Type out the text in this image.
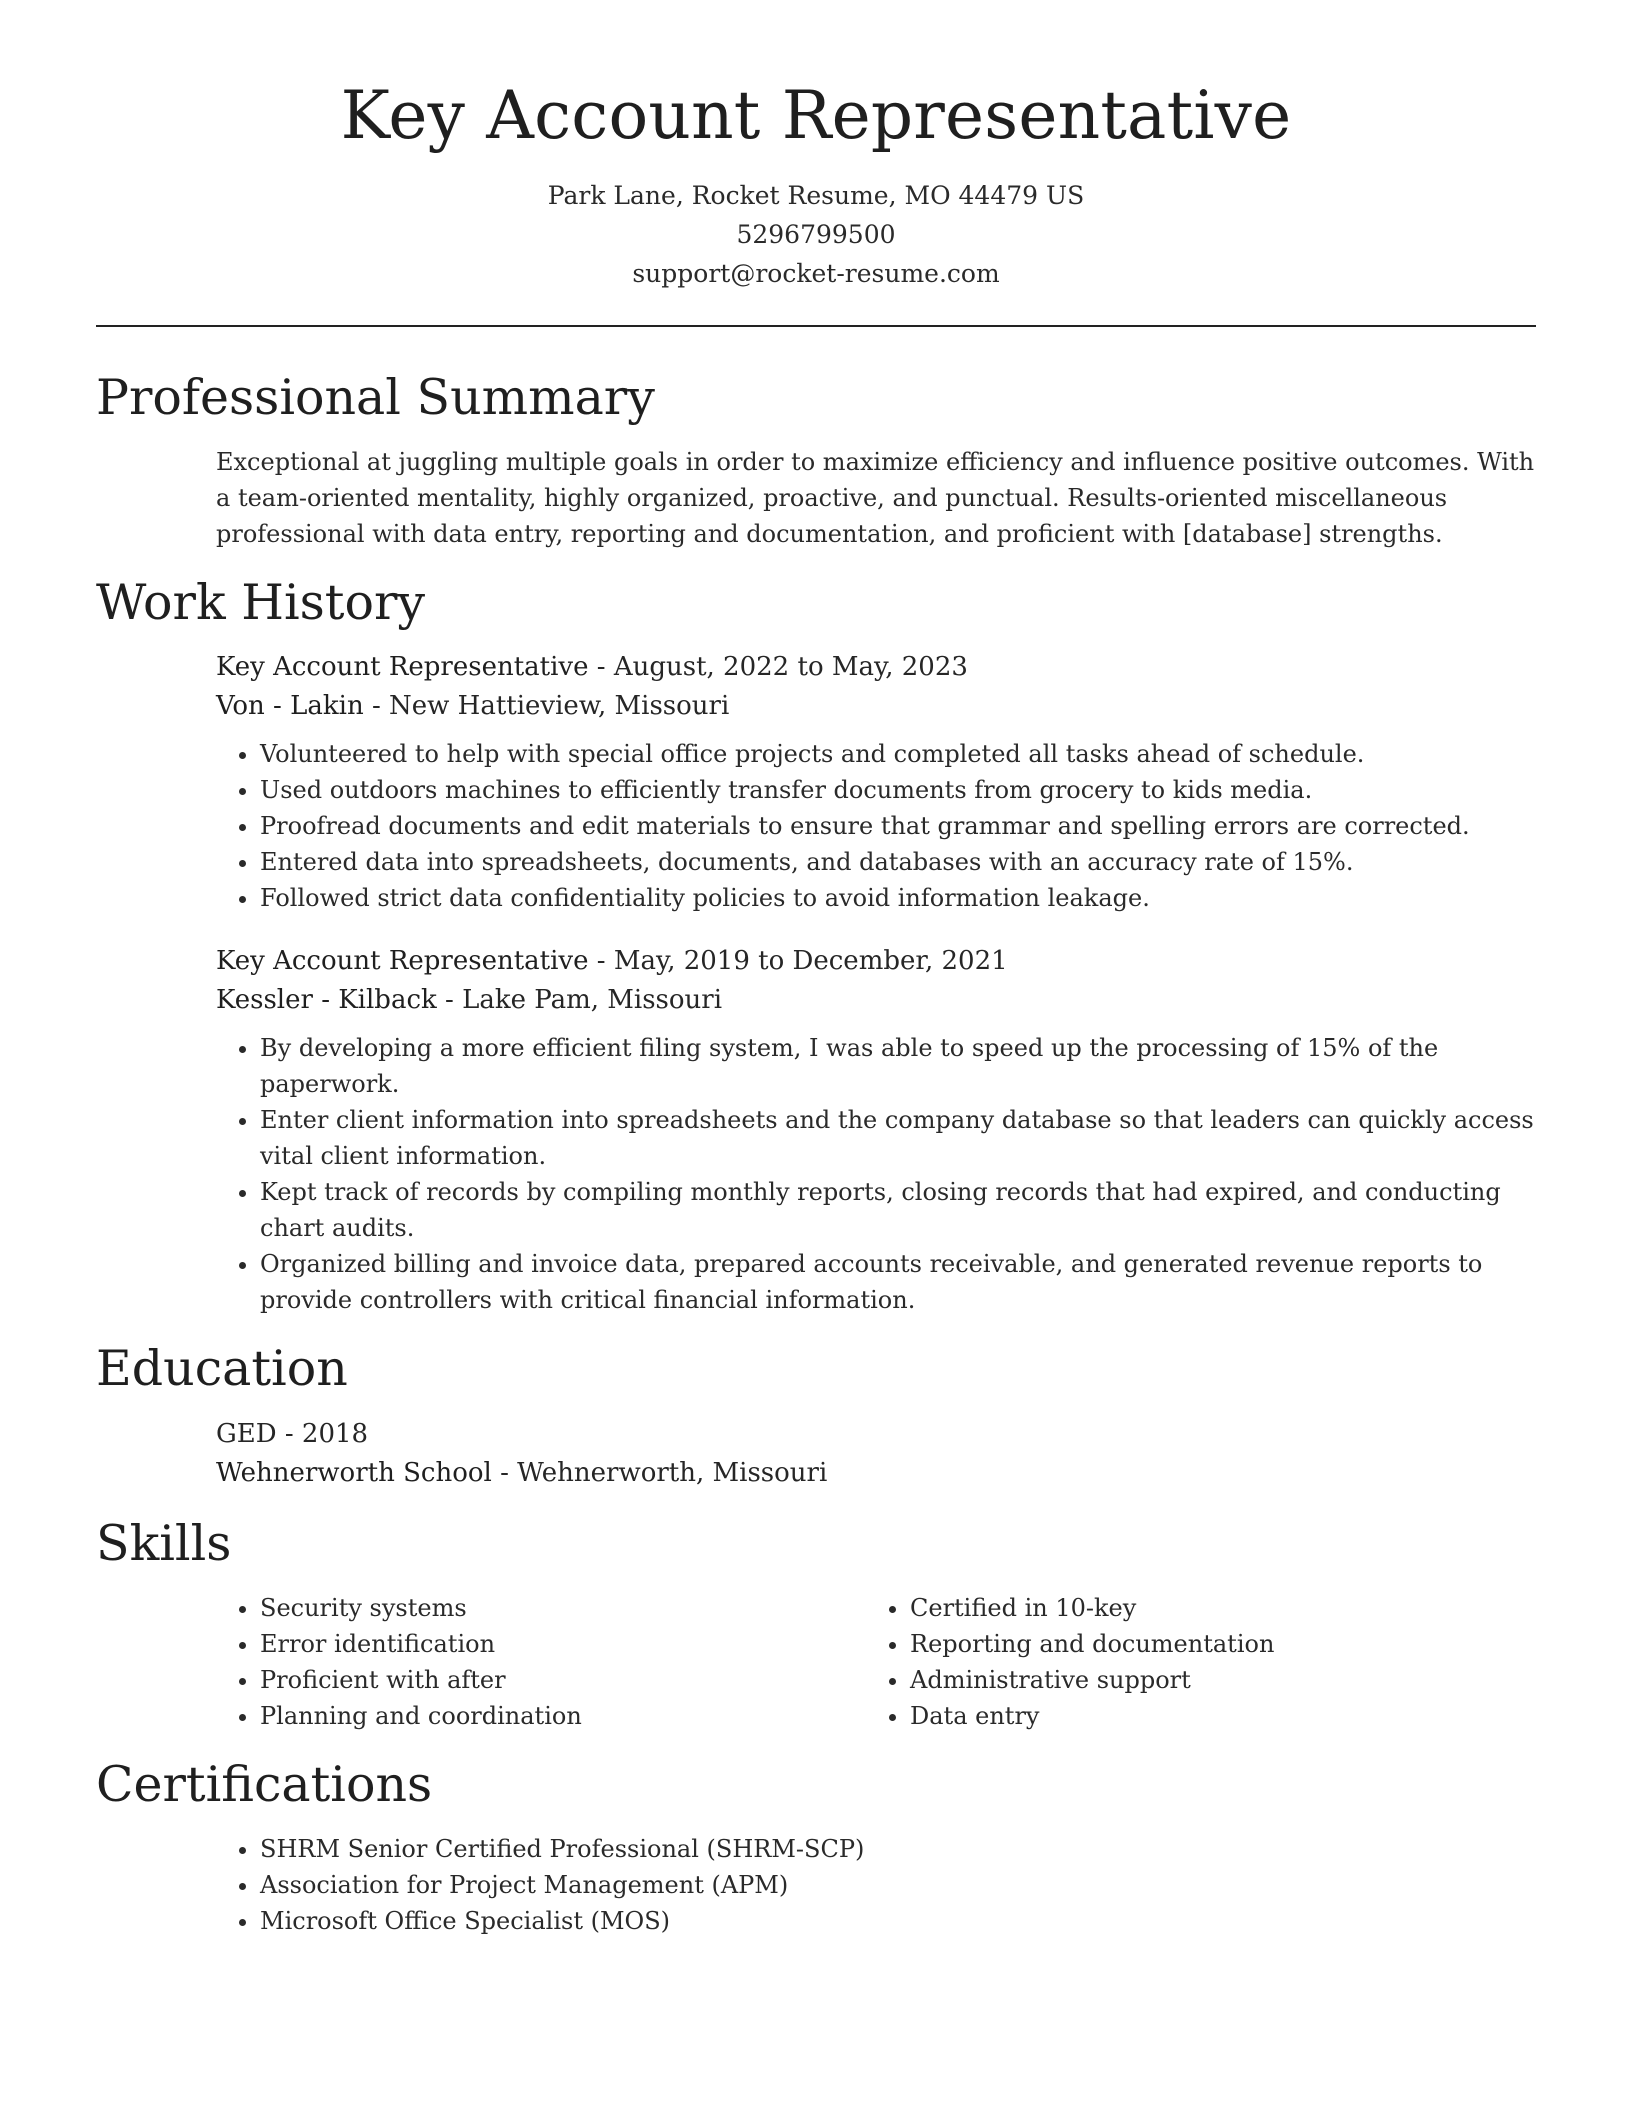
Key Account Representative
Park Lane, Rocket Resume, MO 44479 US
5296799500
support@rocket-resume.com
Professional Summary

Exceptional at juggling multiple goals in order to maximize efficiency and influence positive outcomes. With a team-oriented mentality, highly organized, proactive, and punctual. Results-oriented miscellaneous professional with data entry, reporting and documentation, and proficient with [database] strengths.

Work History
Key Account Representative - August, 2022 to May, 2023
Von - Lakin - New Hattieview, Missouri
• Volunteered to help with special office projects and completed all tasks ahead of schedule.
• Used outdoors machines to efficiently transfer documents from grocery to kids media.
• Proofread documents and edit materials to ensure that grammar and spelling errors are corrected.
• Entered data into spreadsheets, documents, and databases with an accuracy rate of 15%.
• Followed strict data confidentiality policies to avoid information leakage.
Key Account Representative - May, 2019 to December, 2021
Kessler - Kilback - Lake Pam, Missouri
• By developing a more efficient filing system, I was able to speed up the processing of 15% of the paperwork.
• Enter client information into spreadsheets and the company database so that leaders can quickly access vital client information.
• Kept track of records by compiling monthly reports, closing records that had expired, and conducting chart audits.
• Organized billing and invoice data, prepared accounts receivable, and generated revenue reports to provide controllers with critical financial information.
Education
GED - 2018
Wehnerworth School - Wehnerworth, Missouri
Skills
• Security systems
• Error identification
• Proficient with after
• Planning and coordination
• Certified in 10-key
• Reporting and documentation
• Administrative support
• Data entry
Certifications
• SHRM Senior Certified Professional (SHRM-SCP)
• Association for Project Management (APM)
• Microsoft Office Specialist (MOS)
